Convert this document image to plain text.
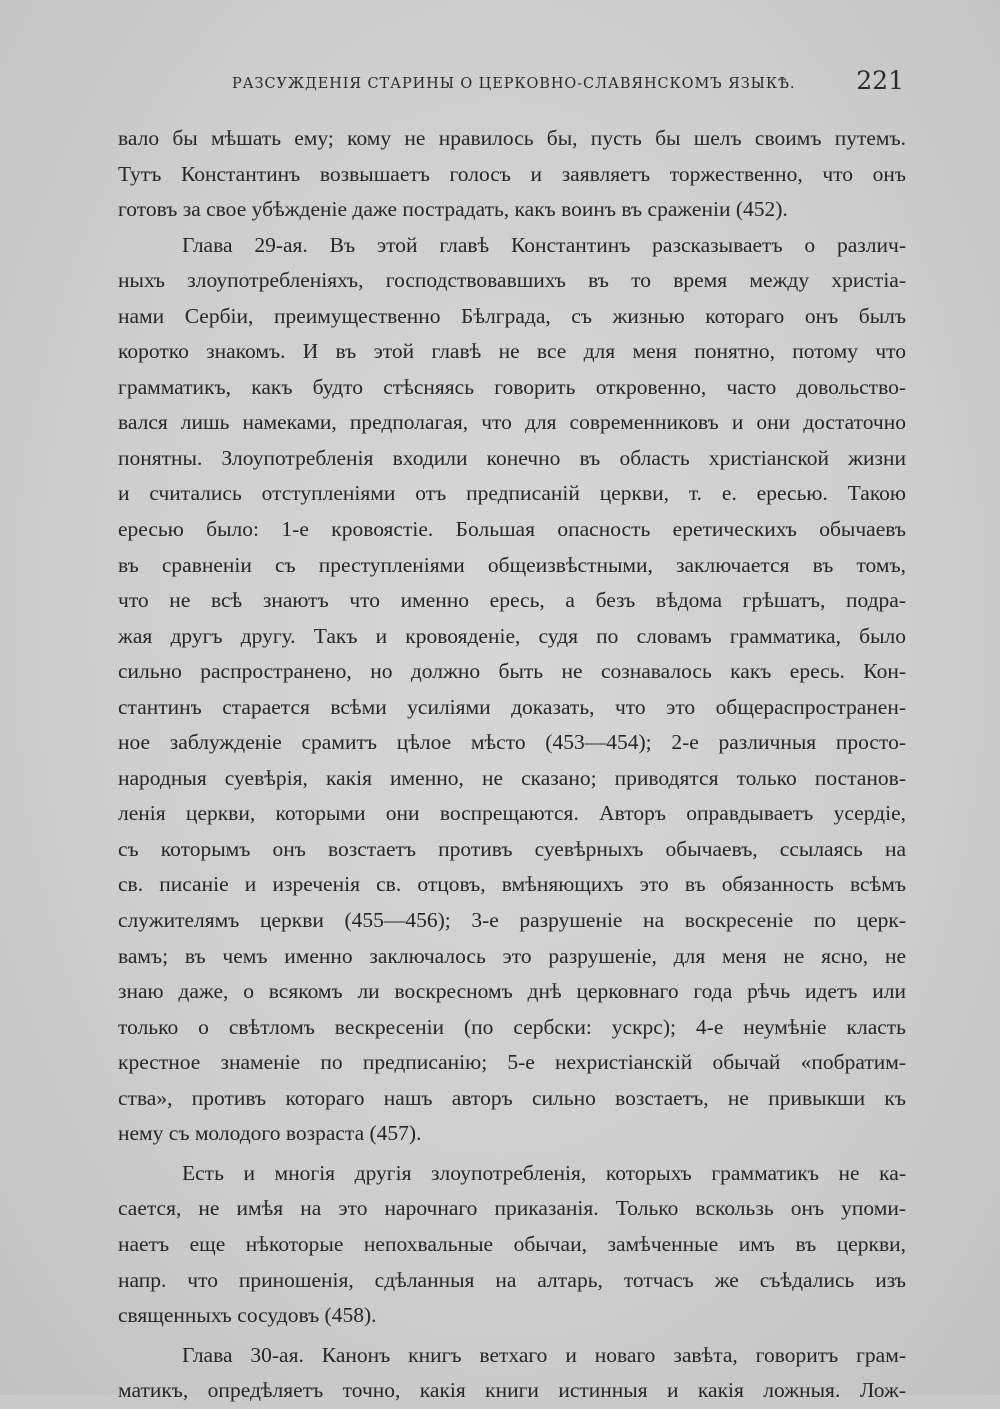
РАЗСУЖДЕНІЯ СТАРИНЫ О ЦЕРКОВНО-СЛАВЯНСКОМЪ ЯЗЫКѢ. 221
вало бы мѣшать ему; кому не нравилось бы, пусть бы шелъ своимъ путемъ.
Тутъ Константинъ возвышаетъ голосъ и заявляетъ торжественно, что онъ
готовъ за свое убѣжденіе даже пострадать, какъ воинъ въ сраженіи (452).
Глава 29-ая. Въ этой главѣ Константинъ разсказываетъ о различ-
ныхъ злоупотребленіяхъ, господствовавшихъ въ то время между христіа-
нами Сербіи, преимущественно Бѣлграда, съ жизнью котораго онъ былъ
коротко знакомъ. И въ этой главѣ не все для меня понятно, потому что
грамматикъ, какъ будто стѣсняясь говорить откровенно, часто довольство-
вался лишь намеками, предполагая, что для современниковъ и они достаточно
понятны. Злоупотребленія входили конечно въ область христіанской жизни
и считались отступленіями отъ предписаній церкви, т. е. ересью. Такою
ересью было: 1-е кровоястіе. Большая опасность еретическихъ обычаевъ
въ сравненіи съ преступленіями общеизвѣстными, заключается въ томъ,
что не всѣ знаютъ что именно ересь, а безъ вѣдома грѣшатъ, подра-
жая другъ другу. Такъ и кровояденіе, судя по словамъ грамматика, было
сильно распространено, но должно быть не сознавалось какъ ересь. Кон-
стантинъ старается всѣми усиліями доказать, что это общераспространен-
ное заблужденіе срамитъ цѣлое мѣсто (453—454); 2-е различныя просто-
народныя суевѣрія, какія именно, не сказано; приводятся только постанов-
ленія церкви, которыми они воспрещаются. Авторъ оправдываетъ усердіе,
съ которымъ онъ возстаетъ противъ суевѣрныхъ обычаевъ, ссылаясь на
св. писаніе и изреченія св. отцовъ, вмѣняющихъ это въ обязанность всѣмъ
служителямъ церкви (455—456); 3-е разрушеніе на воскресеніе по церк-
вамъ; въ чемъ именно заключалось это разрушеніе, для меня не ясно, не
знаю даже, о всякомъ ли воскресномъ днѣ церковнаго года рѣчь идетъ или
только о свѣтломъ вескресеніи (по сербски: ускрс); 4-е неумѣніе класть
крестное знаменіе по предписанію; 5-е нехристіанскій обычай «побратим-
ства», противъ котораго нашъ авторъ сильно возстаетъ, не привыкши къ
нему съ молодого возраста (457).
Есть и многія другія злоупотребленія, которыхъ грамматикъ не ка-
сается, не имѣя на это нарочнаго приказанія. Только вскользь онъ упоми-
наетъ еще нѣкоторые непохвальные обычаи, замѣченные имъ въ церкви,
напр. что приношенія, сдѣланныя на алтарь, тотчасъ же съѣдались изъ
священныхъ сосудовъ (458).
Глава 30-ая. Канонъ книгъ ветхаго и новаго завѣта, говоритъ грам-
матикъ, опредѣляетъ точно, какія книги истинныя и какія ложныя. Лож-
